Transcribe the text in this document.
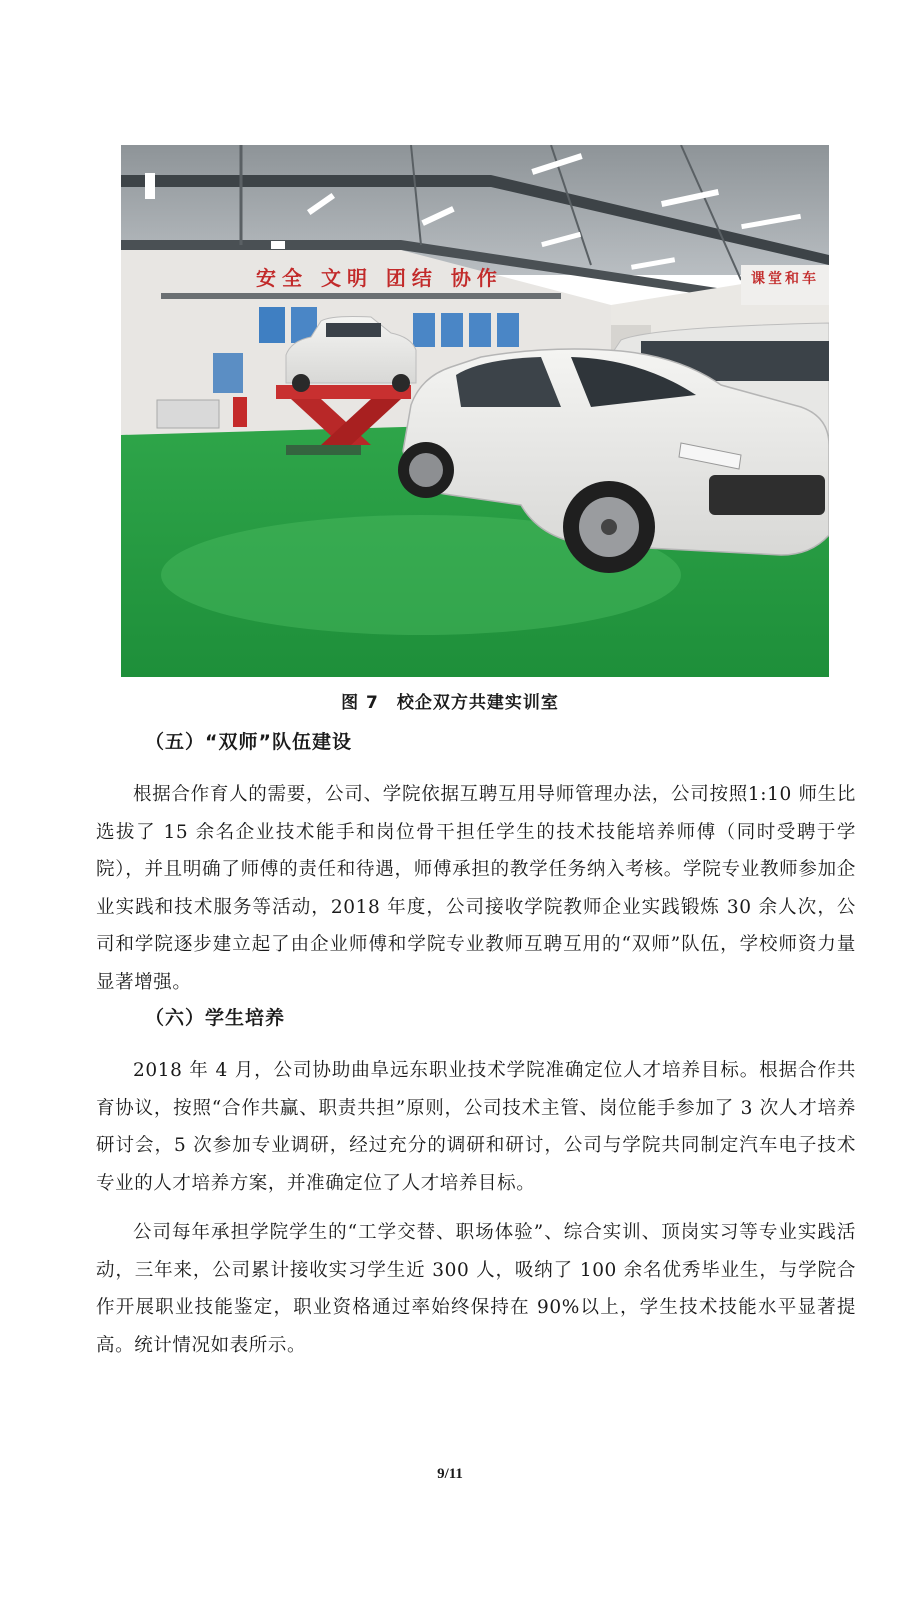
安全 文明 团结 协作	课堂和车
图 7　校企双方共建实训室
（五）“双师”队伍建设

根据合作育人的需要，公司、学院依据互聘互用导师管理办法，公司按照1:10 师生比选拔了 15 余名企业技术能手和岗位骨干担任学生的技术技能培养师傅（同时受聘于学院），并且明确了师傅的责任和待遇，师傅承担的教学任务纳入考核。学院专业教师参加企业实践和技术服务等活动，2018 年度，公司接收学院教师企业实践锻炼 30 余人次，公司和学院逐步建立起了由企业师傅和学院专业教师互聘互用的“双师”队伍，学校师资力量显著增强。

（六）学生培养

2018 年 4 月，公司协助曲阜远东职业技术学院准确定位人才培养目标。根据合作共育协议，按照“合作共赢、职责共担”原则，公司技术主管、岗位能手参加了 3 次人才培养研讨会，5 次参加专业调研，经过充分的调研和研讨，公司与学院共同制定汽车电子技术专业的人才培养方案，并准确定位了人才培养目标。

公司每年承担学院学生的“工学交替、职场体验”、综合实训、顶岗实习等专业实践活动，三年来，公司累计接收实习学生近 300 人，吸纳了 100 余名优秀毕业生，与学院合作开展职业技能鉴定，职业资格通过率始终保持在 90%以上，学生技术技能水平显著提高。统计情况如表所示。

9/11
